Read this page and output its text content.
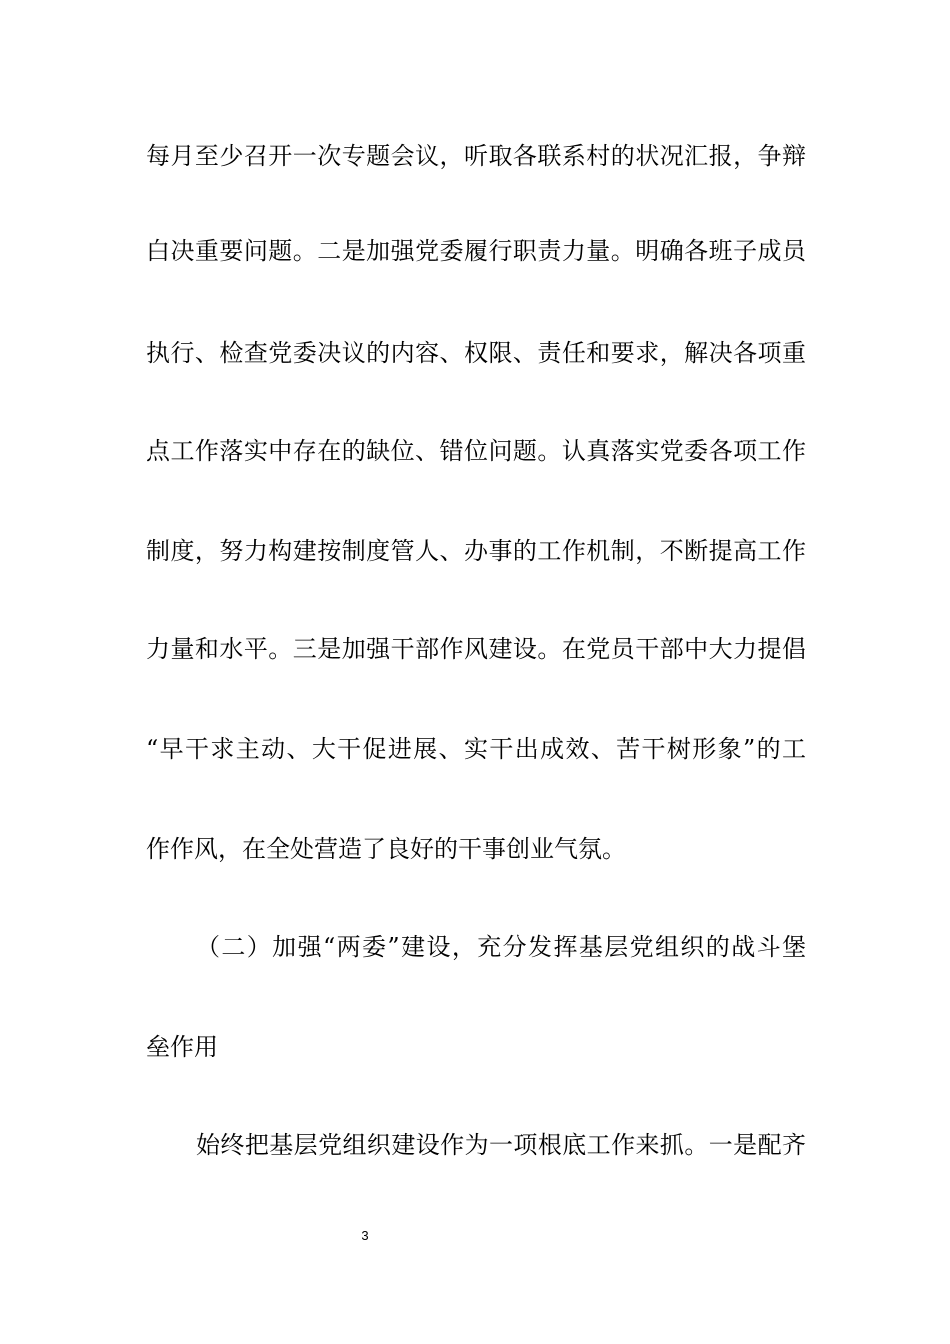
每月至少召开一次专题会议，听取各联系村的状况汇报，争辩
白决重要问题。二是加强党委履行职责力量。明确各班子成员
执行、检查党委决议的内容、权限、责任和要求，解决各项重
点工作落实中存在的缺位、错位问题。认真落实党委各项工作
制度，努力构建按制度管人、办事的工作机制，不断提高工作
力量和水平。三是加强干部作风建设。在党员干部中大力提倡
“早干求主动、大干促进展、实干出成效、苦干树形象”的工
作作风，在全处营造了良好的干事创业气氛。
（二）加强“两委”建设，充分发挥基层党组织的战斗堡
垒作用
始终把基层党组织建设作为一项根底工作来抓。一是配齐
3
